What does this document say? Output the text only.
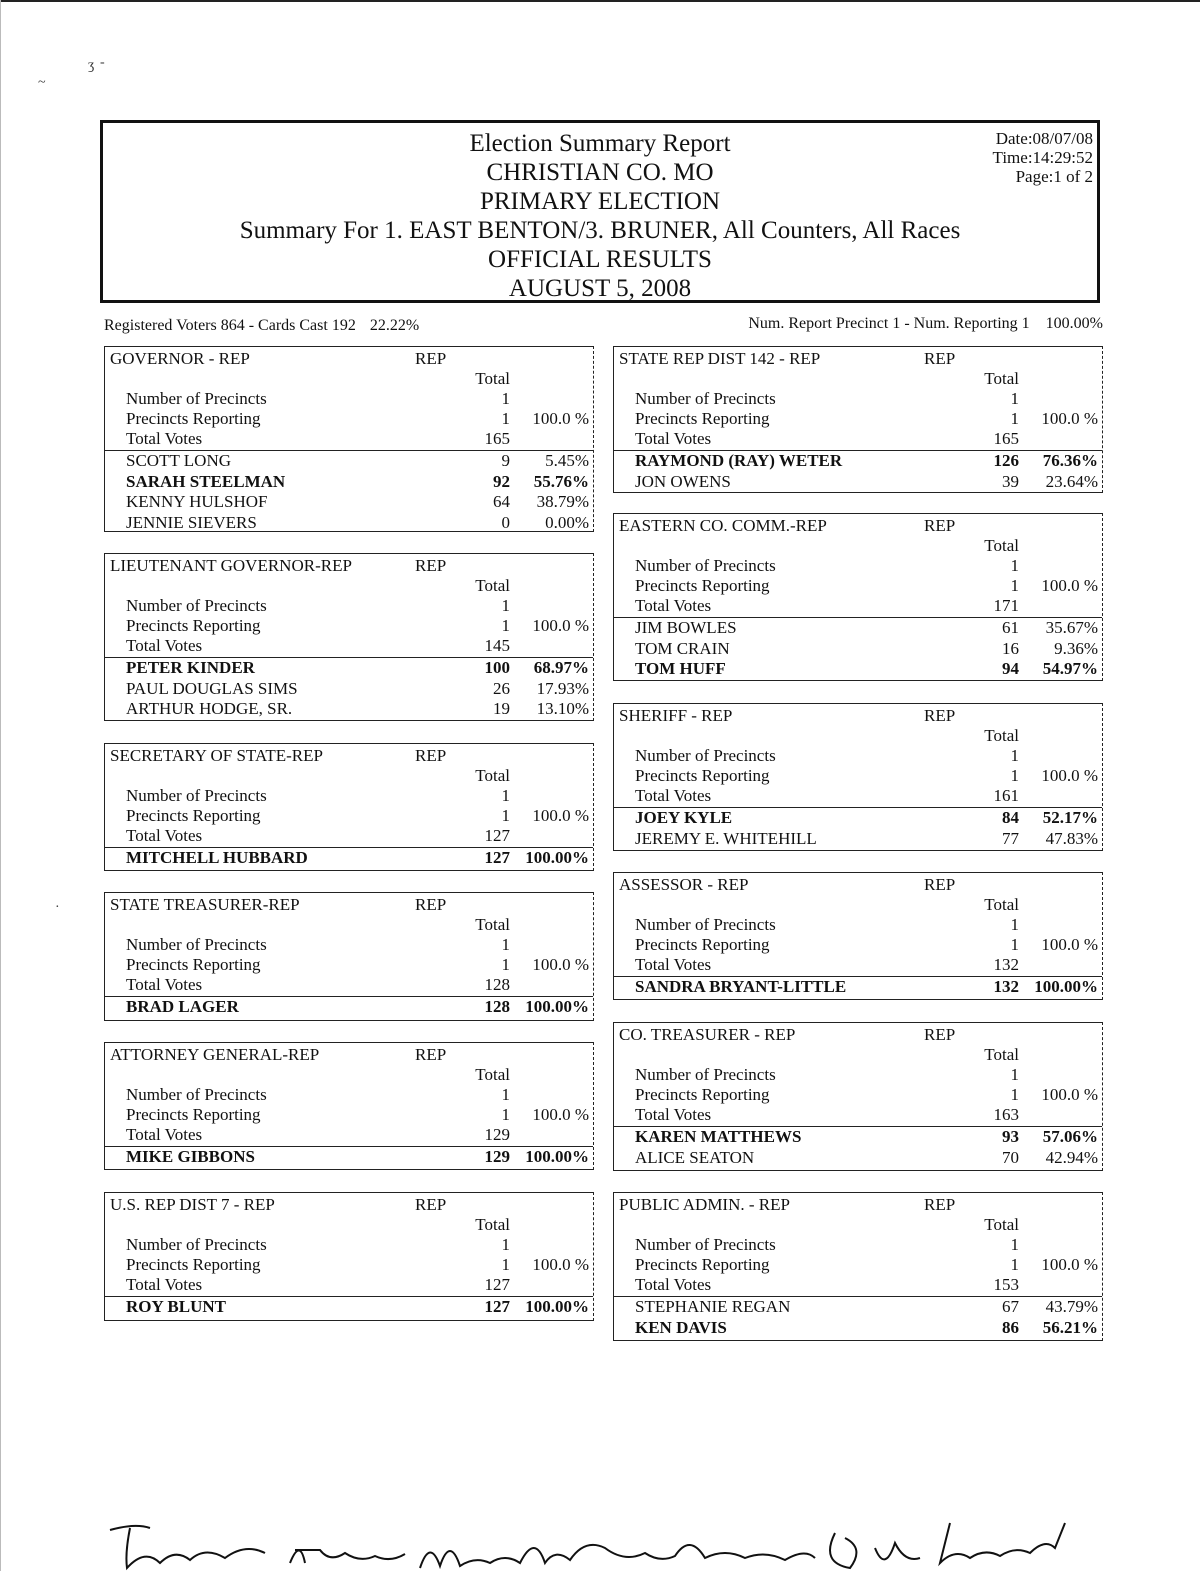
~
ʒ -
·
Election Summary Report
CHRISTIAN CO. MO
PRIMARY ELECTION
Summary For 1. EAST BENTON/3. BRUNER, All Counters, All Races
OFFICIAL RESULTS
AUGUST 5, 2008
Date:08/07/08
Time:14:29:52
Page:1 of 2
Registered Voters 864 - Cards Cast 192 22.22%	Num. Report Precinct 1 - Num. Reporting 1 100.00%
GOVERNOR - REP	REP
Total
Number of Precincts	1
Precincts Reporting	1 100.0 %
Total Votes	165
SCOTT LONG	9 5.45%
SARAH STEELMAN	92 55.76%
KENNY HULSHOF	64 38.79%
JENNIE SIEVERS	0 0.00%
LIEUTENANT GOVERNOR-REP	REP
Total
Number of Precincts	1
Precincts Reporting	1 100.0 %
Total Votes	145
PETER KINDER	100 68.97%
PAUL DOUGLAS SIMS	26 17.93%
ARTHUR HODGE, SR.	19 13.10%
SECRETARY OF STATE-REP	REP
Total
Number of Precincts	1
Precincts Reporting	1 100.0 %
Total Votes	127
MITCHELL HUBBARD	127 100.00%
STATE TREASURER-REP	REP
Total
Number of Precincts	1
Precincts Reporting	1 100.0 %
Total Votes	128
BRAD LAGER	128 100.00%
ATTORNEY GENERAL-REP	REP
Total
Number of Precincts	1
Precincts Reporting	1 100.0 %
Total Votes	129
MIKE GIBBONS	129 100.00%
U.S. REP DIST 7 - REP	REP
Total
Number of Precincts	1
Precincts Reporting	1 100.0 %
Total Votes	127
ROY BLUNT	127 100.00%
STATE REP DIST 142 - REP	REP
Total
Number of Precincts	1
Precincts Reporting	1 100.0 %
Total Votes	165
RAYMOND (RAY) WETER	126 76.36%
JON OWENS	39 23.64%
EASTERN CO. COMM.-REP	REP
Total
Number of Precincts	1
Precincts Reporting	1 100.0 %
Total Votes	171
JIM BOWLES	61 35.67%
TOM CRAIN	16 9.36%
TOM HUFF	94 54.97%
SHERIFF - REP	REP
Total
Number of Precincts	1
Precincts Reporting	1 100.0 %
Total Votes	161
JOEY KYLE	84 52.17%
JEREMY E. WHITEHILL	77 47.83%
ASSESSOR - REP	REP
Total
Number of Precincts	1
Precincts Reporting	1 100.0 %
Total Votes	132
SANDRA BRYANT-LITTLE	132 100.00%
CO. TREASURER - REP	REP
Total
Number of Precincts	1
Precincts Reporting	1 100.0 %
Total Votes	163
KAREN MATTHEWS	93 57.06%
ALICE SEATON	70 42.94%
PUBLIC ADMIN. - REP	REP
Total
Number of Precincts	1
Precincts Reporting	1 100.0 %
Total Votes	153
STEPHANIE REGAN	67 43.79%
KEN DAVIS	86 56.21%
